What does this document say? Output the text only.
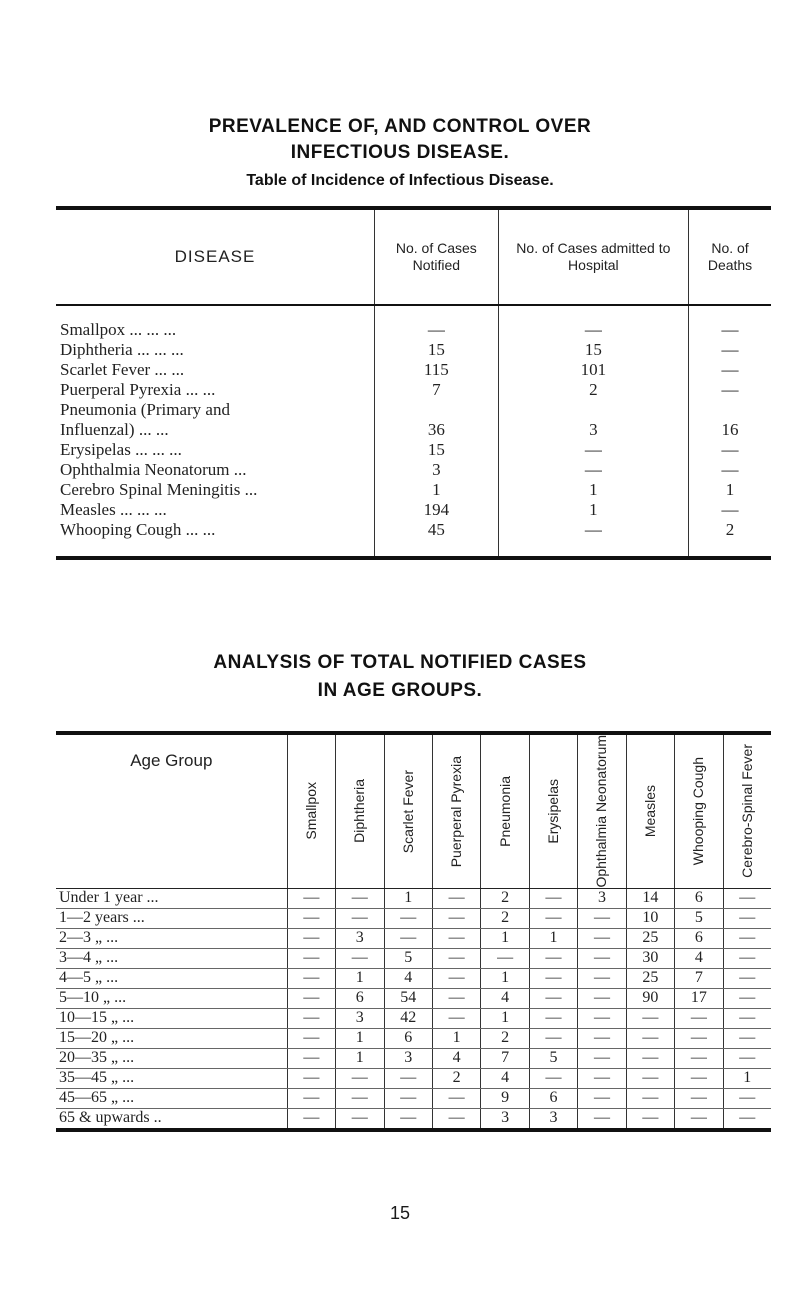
PREVALENCE OF, AND CONTROL OVER
INFECTIOUS DISEASE.
Table of Incidence of Infectious Disease.
DISEASE	No. of Cases Notified	No. of Cases admitted to Hospital	No. of Deaths
Smallpox ... ... ...	—	—	—
Diphtheria ... ... ...	15	15	—
Scarlet Fever ... ...	115	101	—
Puerperal Pyrexia ... ...	7	2	—
Pneumonia (Primary and			
Influenzal) ... ...	36	3	16
Erysipelas ... ... ...	15	—	—
Ophthalmia Neonatorum ...	3	—	—
Cerebro Spinal Meningitis ...	1	1	1
Measles ... ... ...	194	1	—
Whooping Cough ... ...	45	—	2
ANALYSIS OF TOTAL NOTIFIED CASES
IN AGE GROUPS.
Age Group	Smallpox	Diphtheria	Scarlet Fever	Puerperal Pyrexia	Pneumonia	Erysipelas	Ophthalmia Neonatorum	Measles	Whooping Cough	Cerebro-Spinal Fever

Under 1 year ...	—	—	1	—	2	—	3	14	6	—
1—2 years ...	—	—	—	—	2	—	—	10	5	—
2—3 „ ...	—	3	—	—	1	1	—	25	6	—
3—4 „ ...	—	—	5	—	—	—	—	30	4	—
4—5 „ ...	—	1	4	—	1	—	—	25	7	—
5—10 „ ...	—	6	54	—	4	—	—	90	17	—
10—15 „ ...	—	3	42	—	1	—	—	—	—	—
15—20 „ ...	—	1	6	1	2	—	—	—	—	—
20—35 „ ...	—	1	3	4	7	5	—	—	—	—
35—45 „ ...	—	—	—	2	4	—	—	—	—	1
45—65 „ ...	—	—	—	—	9	6	—	—	—	—
65 & upwards ..	—	—	—	—	3	3	—	—	—	—
15
